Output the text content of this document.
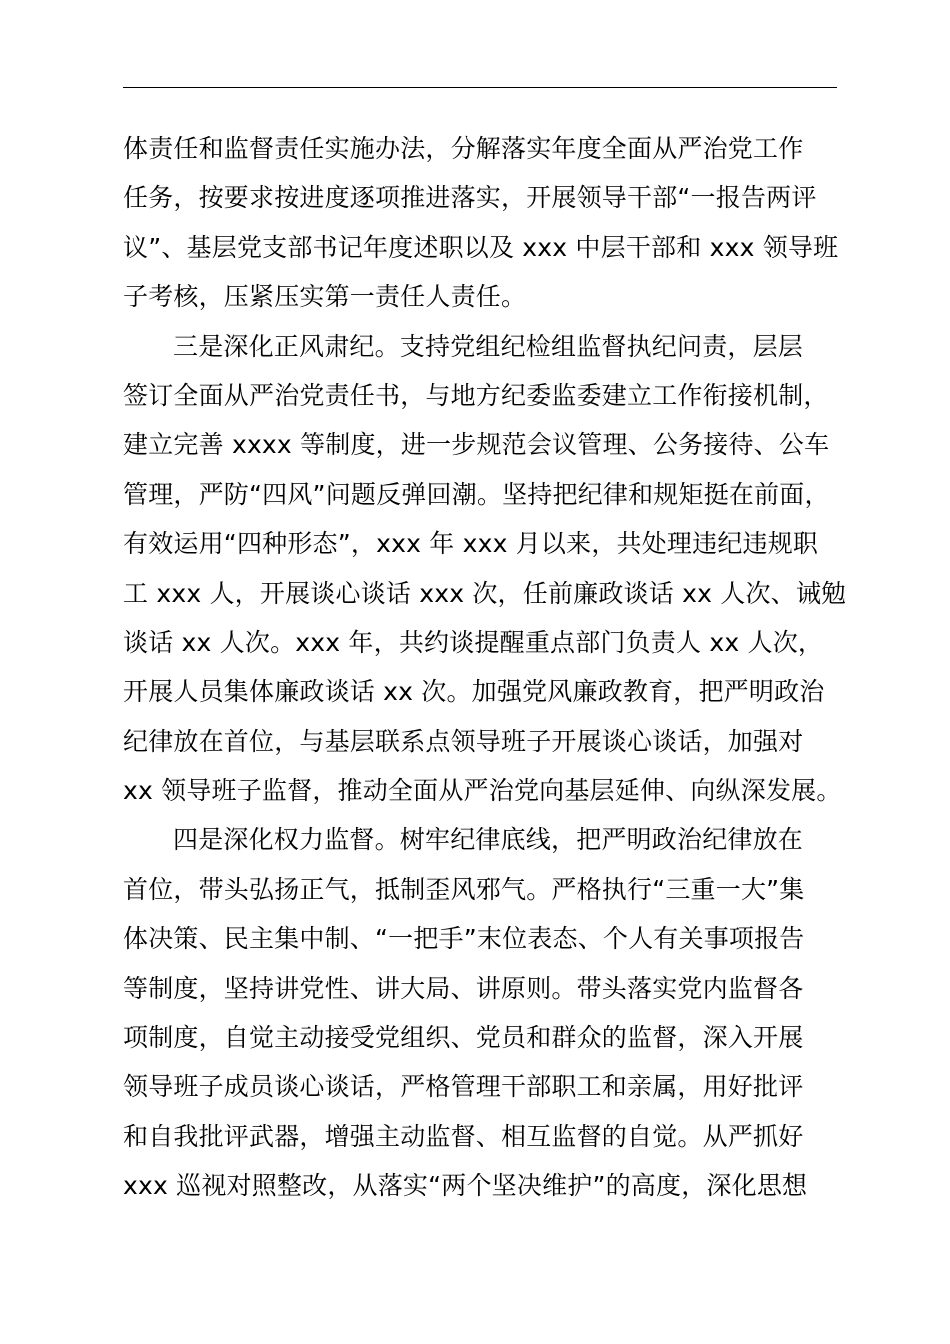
体责任和监督责任实施办法，分解落实年度全面从严治党工作
任务，按要求按进度逐项推进落实，开展领导干部“一报告两评
议”、基层党支部书记年度述职以及 xxx 中层干部和 xxx 领导班
子考核，压紧压实第一责任人责任。
三是深化正风肃纪。支持党组纪检组监督执纪问责，层层
签订全面从严治党责任书，与地方纪委监委建立工作衔接机制，
建立完善 xxxx 等制度，进一步规范会议管理、公务接待、公车
管理，严防“四风”问题反弹回潮。坚持把纪律和规矩挺在前面，
有效运用“四种形态”，xxx 年 xxx 月以来，共处理违纪违规职
工 xxx 人，开展谈心谈话 xxx 次，任前廉政谈话 xx 人次、诫勉
谈话 xx 人次。xxx 年，共约谈提醒重点部门负责人 xx 人次，
开展人员集体廉政谈话 xx 次。加强党风廉政教育，把严明政治
纪律放在首位，与基层联系点领导班子开展谈心谈话，加强对
xx 领导班子监督，推动全面从严治党向基层延伸、向纵深发展。
四是深化权力监督。树牢纪律底线，把严明政治纪律放在
首位，带头弘扬正气，抵制歪风邪气。严格执行“三重一大”集
体决策、民主集中制、“一把手”末位表态、个人有关事项报告
等制度，坚持讲党性、讲大局、讲原则。带头落实党内监督各
项制度，自觉主动接受党组织、党员和群众的监督，深入开展
领导班子成员谈心谈话，严格管理干部职工和亲属，用好批评
和自我批评武器，增强主动监督、相互监督的自觉。从严抓好
xxx 巡视对照整改，从落实“两个坚决维护”的高度，深化思想
